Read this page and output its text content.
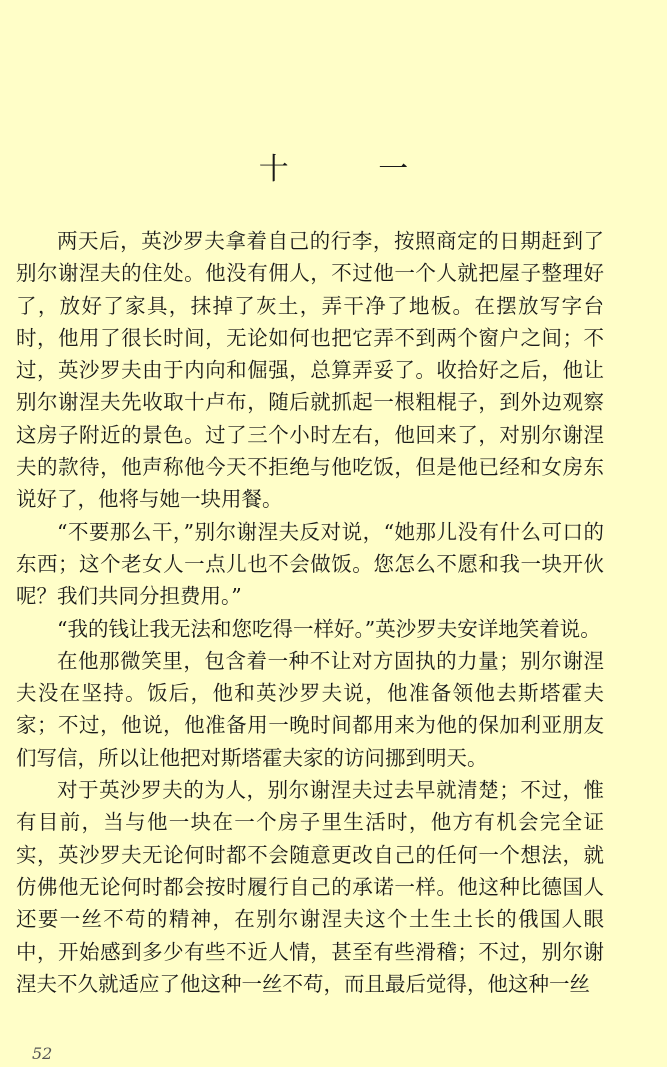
十 一

两天后，英沙罗夫拿着自己的行李，按照商定的日期赶到了别尔谢涅夫的住处。他没有佣人，不过他一个人就把屋子整理好了，放好了家具，抹掉了灰土，弄干净了地板。在摆放写字台时，他用了很长时间，无论如何也把它弄不到两个窗户之间；不过，英沙罗夫由于内向和倔强，总算弄妥了。收拾好之后，他让别尔谢涅夫先收取十卢布，随后就抓起一根粗棍子，到外边观察这房子附近的景色。过了三个小时左右，他回来了，对别尔谢涅夫的款待，他声称他今天不拒绝与他吃饭，但是他已经和女房东说好了，他将与她一块用餐。

“不要那么干，”别尔谢涅夫反对说，“她那儿没有什么可口的东西；这个老女人一点儿也不会做饭。您怎么不愿和我一块开伙呢？我们共同分担费用。”

“我的钱让我无法和您吃得一样好。”英沙罗夫安详地笑着说。

在他那微笑里，包含着一种不让对方固执的力量；别尔谢涅夫没在坚持。饭后，他和英沙罗夫说，他准备领他去斯塔霍夫家；不过，他说，他准备用一晚时间都用来为他的保加利亚朋友们写信，所以让他把对斯塔霍夫家的访问挪到明天。

对于英沙罗夫的为人，别尔谢涅夫过去早就清楚；不过，惟有目前，当与他一块在一个房子里生活时，他方有机会完全证实，英沙罗夫无论何时都不会随意更改自己的任何一个想法，就仿佛他无论何时都会按时履行自己的承诺一样。他这种比德国人还要一丝不苟的精神，在别尔谢涅夫这个土生土长的俄国人眼中，开始感到多少有些不近人情，甚至有些滑稽；不过，别尔谢涅夫不久就适应了他这种一丝不苟，而且最后觉得，他这种一丝

52
